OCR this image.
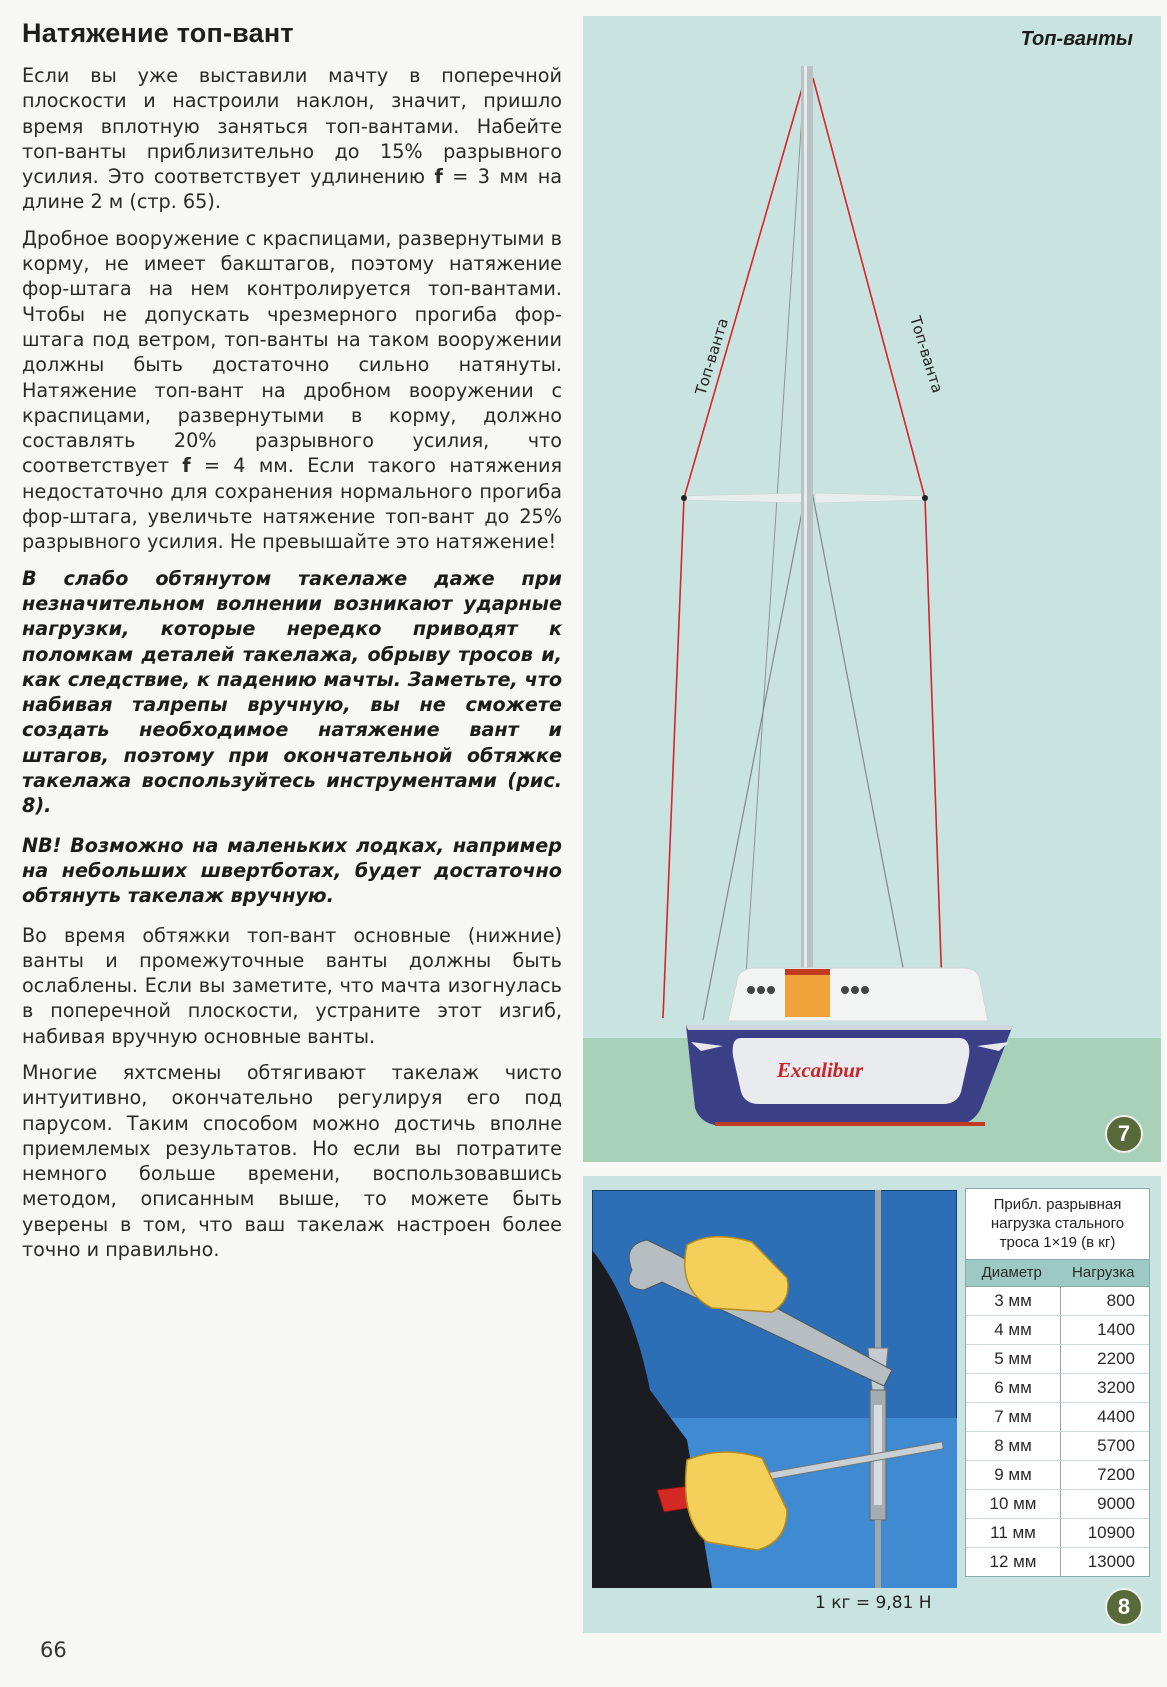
Натяжение топ-вант

Если вы уже выставили мачту в поперечной плоскости и настроили наклон, значит, пришло время вплотную заняться топ-вантами. Набейте топ-ванты приблизительно до 15% разрывного усилия. Это соответствует удлинению f = 3 мм на длине 2 м (стр. 65).

Дробное вооружение с краспицами, развернутыми в корму, не имеет бакштагов, поэтому натяжение фор-штага на нем контролируется топ-вантами. Чтобы не допускать чрезмерного прогиба фор-штага под ветром, топ-ванты на таком вооружении должны быть достаточно сильно натянуты. Натяжение топ-вант на дробном вооружении с краспицами, развернутыми в корму, должно составлять 20% разрывного усилия, что соответствует f = 4 мм. Если такого натяжения недостаточно для сохранения нормального прогиба фор-штага, увеличьте натяжение топ-вант до 25% разрывного усилия. Не превышайте это натяжение!

В слабо обтянутом такелаже даже при незначительном волнении возникают ударные нагрузки, которые нередко приводят к поломкам деталей такелажа, обрыву тросов и, как следствие, к падению мачты. Заметьте, что набивая талрепы вручную, вы не сможете создать необходимое натяжение вант и штагов, поэтому при окончательной обтяжке такелажа воспользуйтесь инструментами (рис. 8).

NB! Возможно на маленьких лодках, например на небольших швертботах, будет достаточно обтянуть такелаж вручную.

Во время обтяжки топ-вант основные (нижние) ванты и промежуточные ванты должны быть ослаблены. Если вы заметите, что мачта изогнулась в поперечной плоскости, устраните этот изгиб, набивая вручную основные ванты.

Многие яхтсмены обтягивают такелаж чисто интуитивно, окончательно регулируя его под парусом. Таким способом можно достичь вполне приемлемых результатов. Но если вы потратите немного больше времени, воспользовавшись методом, описанным выше, то можете быть уверены в том, что ваш такелаж настроен более точно и правильно.

66
Excalibur
Топ-ванта	Топ-ванта
Топ-ванты
7
Прибл. разрывная нагрузка стального троса 1×19 (в кг)
Диаметр	Нагрузка
3 мм	800
4 мм	1400
5 мм	2200
6 мм	3200
7 мм	4400
8 мм	5700
9 мм	7200
10 мм	9000
11 мм	10900
12 мм	13000
1 кг = 9,81 Н	8
